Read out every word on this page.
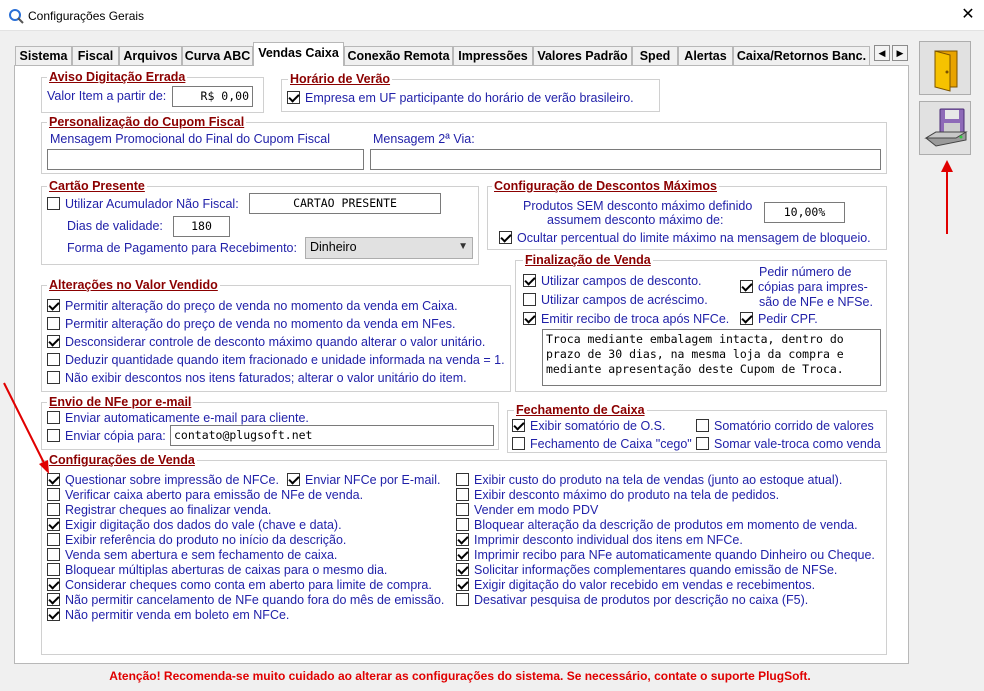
Configurações Gerais	✕
Sistema Fiscal Arquivos Curva ABC Vendas Caixa Conexão Remota Impressões Valores Padrão Sped	Alertas Caixa/Retornos Banc.	◀	▶
Aviso Digitação Errada
Valor Item a partir de:	R$ 0,00
Horário de Verão
Empresa em UF participante do horário de verão brasileiro.
Personalização do Cupom Fiscal
Mensagem Promocional do Final do Cupom Fiscal	Mensagem 2ª Via:
Cartão Presente
Utilizar Acumulador Não Fiscal:	CARTAO PRESENTE
Dias de validade:	180
Forma de Pagamento para Recebimento:	Dinheiro	▼
Configuração de Descontos Máximos
Produtos SEM desconto máximo definido
assumem desconto máximo de:
10,00%
Ocultar percentual do limite máximo na mensagem de bloqueio.
Alterações no Valor Vendido
Permitir alteração do preço de venda no momento da venda em Caixa.
Permitir alteração do preço de venda no momento da venda em NFes.
Desconsiderar controle de desconto máximo quando alterar o valor unitário.
Deduzir quantidade quando item fracionado e unidade informada na venda = 1.
Não exibir descontos nos itens faturados; alterar o valor unitário do item.
Finalização de Venda
Utilizar campos de desconto.
Utilizar campos de acréscimo.
Emitir recibo de troca após NFCe.
Pedir número de
cópias para impres-
são de NFe e NFSe.
Pedir CPF.
Troca mediante embalagem intacta, dentro do prazo de 30 dias, na mesma loja da compra e mediante apresentação deste Cupom de Troca.
Envio de NFe por e-mail
Enviar automaticamente e-mail para cliente.
Enviar cópia para: contato@plugsoft.net
Fechamento de Caixa
Exibir somatório de O.S.	Somatório corrido de valores
Fechamento de Caixa "cego"	Somar vale-troca como venda
Configurações de Venda
Questionar sobre impressão de NFCe.	Enviar NFCe por E-mail.
Verificar caixa aberto para emissão de NFe de venda.
Registrar cheques ao finalizar venda.
Exigir digitação dos dados do vale (chave e data).
Exibir referência do produto no início da descrição.
Venda sem abertura e sem fechamento de caixa.
Bloquear múltiplas aberturas de caixas para o mesmo dia.
Considerar cheques como conta em aberto para limite de compra.
Não permitir cancelamento de NFe quando fora do mês de emissão.
Não permitir venda em boleto em NFCe.
Exibir custo do produto na tela de vendas (junto ao estoque atual).
Exibir desconto máximo do produto na tela de pedidos.
Vender em modo PDV
Bloquear alteração da descrição de produtos em momento de venda.
Imprimir desconto individual dos itens em NFCe.
Imprimir recibo para NFe automaticamente quando Dinheiro ou Cheque.
Solicitar informações complementares quando emissão de NFSe.
Exigir digitação do valor recebido em vendas e recebimentos.
Desativar pesquisa de produtos por descrição no caixa (F5).
Atenção! Recomenda-se muito cuidado ao alterar as configurações do sistema. Se necessário, contate o suporte PlugSoft.
